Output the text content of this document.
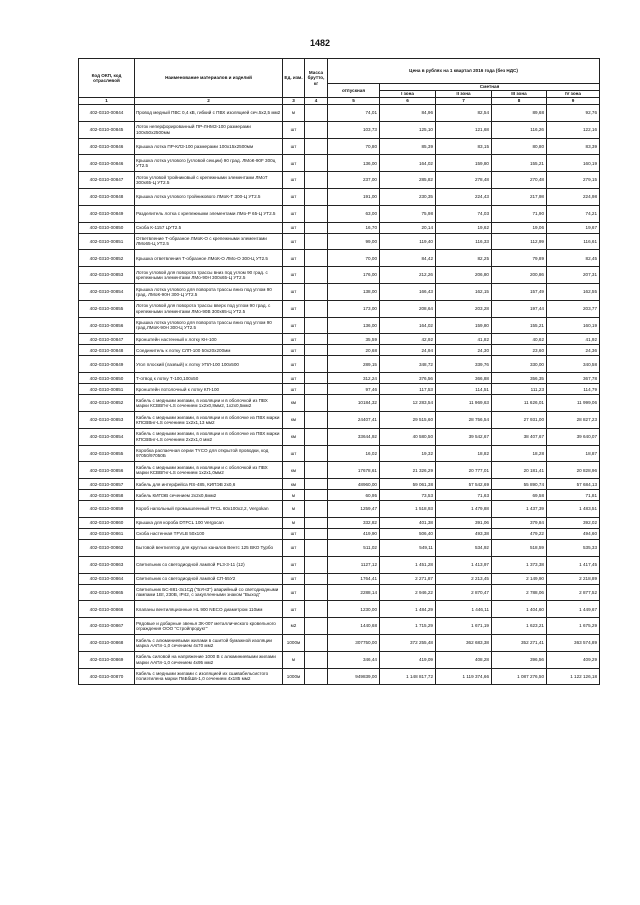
1482
Код ОКП, код отраслевой	Наименование материалов и изделий	Ед. изм.	Масса брутто, кг	Цена в рублях на 1 квартал 2016 года (без НДС)				
				отпускная	Сметная			
					I зона	II зона	III зона	IV зона
1	2	3	4	5	6	7	8	9
402-0310-00844	Провод медный ПВС 0,4 кВ, гибкий с ПВХ изоляцией сеч.5х2,5 мм2	м		74,01	84,96	82,54	89,68	92,76
402-0310-00845	Лоток неперфорированный ПР-ЛНМЗ-100 размерами 100х50х2500мм	шт		103,73	125,10	121,68	116,26	122,16
402-0310-00846	Крышка лотка ПР-КЛЗ-100 размерами 100х15х2500мм	шт		70,80	85,39	83,15	80,80	83,39
402-0310-00846	Крышка лотка углового (угловой секции) 90 град. ЛМоК-90F 300ц УТ2.5	шт		136,00	164,02	159,80	155,21	160,19
402-0310-00847	Лоток угловой тройниковый с крепежными элементами ЛМоТ 300х65-Ц УТ2.5	шт		237,00	285,82	278,48	270,48	279,15
402-0310-00848	Крышка лотка углового тройникового ЛМоК-Т 300-Ц УТ2.5	шт		191,00	230,35	224,43	217,98	224,98
402-0310-00849	Разделитель лотка с крепежными элементами ЛМо-Р 65-Ц УТ2.5	шт		63,00	75,98	74,03	71,90	74,21
402-0310-00850	Скоба К-1157 ЦУТ2.5	шт		16,70	20,14	19,62	19,06	19,67
402-0310-00851	Ответвление Т-образное ЛМоК-О с крепежными элементами ЛМо65-Ц УТ2.5	шт		99,00	119,40	116,33	112,99	116,61
402-0310-00852	Крышка ответвления Т-образное ЛМоК-О ЛМо-О 300-Ц УТ2.5	шт		70,00	84,42	82,25	79,89	82,45
402-0310-00853	Лоток угловой для поворота трассы вниз под углом 90 град. с крепежными элементами ЛМо-90Н 300х65-Ц УТ2.5	шт		176,00	212,26	206,80	200,86	207,31
402-0310-00854	Крышка лотка углового для поворота трассы вниз под углом 90 град. ЛМоК-90Н 300-Ц УТ2.5	шт		138,00	166,43	162,15	157,49	162,55
402-0310-00855	Лоток угловой для поворота трассы вверх под углом 90 град. с крепежными элементами ЛМо-90В 300х65-Ц УТ2.5	шт		173,00	208,64	203,28	197,44	203,77
402-0310-00856	Крышка лотка углового для поворота трассы вниз под углом 90 град.ЛМоК-90Н 300-Ц УТ2.5	шт		136,00	164,02	159,80	155,21	160,19
402-0310-00847	Кронштейн настенный к лотку КН-100	шт		35,59	42,92	41,82	40,62	41,92
402-0310-00848	Соединитель к лотку СЛП-100 50х20х200мм	шт		20,68	24,94	24,30	23,60	24,36
402-0310-00849	Угол плоский (лаэвый) к лотку УПЛ-100 100х500	шт		289,15	348,72	339,76	330,00	340,58
402-0310-00850	Т-отвод к лотку Т-100,100х50	шт		312,24	376,56	366,88	356,35	367,78
402-0310-00851	Кронштейн потолочный к лотку КП-100	шт		97,46	117,53	114,51	111,23	114,79
402-0310-00852	Кабель с медными жилами, в изоляции и в оболочкой из ПВХ марки КСВВГнг-LS сечением 1х2х0,8мм2, 1х2х0,5мм2	км		10184,32	12 283,54	11 969,63	11 626,01	11 999,06
402-0310-00853	Кабель с медными жилами, в изоляции и в оболочке из ПВХ марки КПСВВнг-LS сечением 1х2х1,13 мм2	км		24407,41	29 515,60	28 756,54	27 931,00	28 827,23
402-0310-00854	Кабель с медными жилами, в изоляции и в оболочке из ПВХ марки КПСВВнг-LS сечением 2х2х1,0 мм2	км		33644,92	40 580,50	39 542,67	38 407,67	39 640,07
402-0310-00855	Коробка распаечная серии TYCO для открытой проводки, код 97050/97050Б	шт		16,02	19,32	18,82	18,28	18,87
402-0310-00856	Кабель с медными жилами, в изоляции и с оболочкой из ПВХ марки КСВВГнг-LS сечением 1х2х1,0мм2	км		17678,61	21 326,29	20 777,01	20 181,41	20 828,96
402-0310-00857	Кабель для интерфейса RS-485, КИПЭВ 2х0,6	км		48960,00	59 061,38	57 542,69	55 890,74	57 684,13
402-0310-00858	Кабель КИПЭВ сечением 2х2х0,6мм2	м		60,95	73,53	71,63	69,58	71,81
402-0310-00859	Короб напольный промышленный TFCL 60х100х2,2, Vergokan	м		1259,47	1 518,93	1 479,88	1 437,39	1 483,51
402-0310-00860	Крышка для короба DTFCL 100 Vergocan	м		332,82	401,38	391,06	379,84	392,02
402-0310-00861	Скоба настенная TFVLB 50х100	шт		419,90	506,40	493,38	479,22	494,60
402-0310-00862	Бытовой вентилятор для круглых каналов Вентс 125 ВКО Турбо	шт		511,02	549,11	534,92	518,59	535,33
402-0310-00863	Светильник со светодиодной лампой PL3-3-11 (12)	шт		1127,12	1 451,28	1 413,97	1 373,38	1 417,45
402-0310-00864	Светильник со светодиодной лампой СП-55У2	шт		1764,41	2 271,87	2 213,45	2 149,90	2 218,89
402-0310-00865	Светильник БС-881-3х1СД ("БУНЗ") аварийный со светодиодными лампами 1Вт, 230В, IP42, с закупленными знаком "Выход"	шт		2288,14	2 946,22	2 870,47	2 788,06	2 877,52
402-0310-00866	Клапаны вентиляционные HL 900 NECO диаметром 110мм	шт		1230,00	1 484,29	1 446,11	1 404,60	1 449,67
402-0310-00867	Рядовые и добарные звенья ЗК-007 металлического кровельного ограждения ООО "Стройпродукт"	м2		1440,68	1 715,29	1 671,19	1 623,21	1 675,29
402-0310-00868	Кабель с алюминиевыми жилами в сшитой бумажной изоляции марка ААПл-1,0 сечением 4х70 мм2	1000м		307750,00	372 255,48	362 683,38	352 271,41	363 574,89
402-0310-00869	Кабель силовой на напряжение 1000 В с алюминиевыми жилами марки ААПл-1,0 сечением 4х95 мм2	м		346,44	419,09	408,28	396,56	409,29
402-0310-00870	Кабель с медными жилами с изоляцией их сшивабельсистого полиэтилена марки ПвБбШв-1,0 сечением 4х185 мм2	1000м		949839,00	1 148 817,72	1 119 374,66	1 087 276,50	1 122 126,18
